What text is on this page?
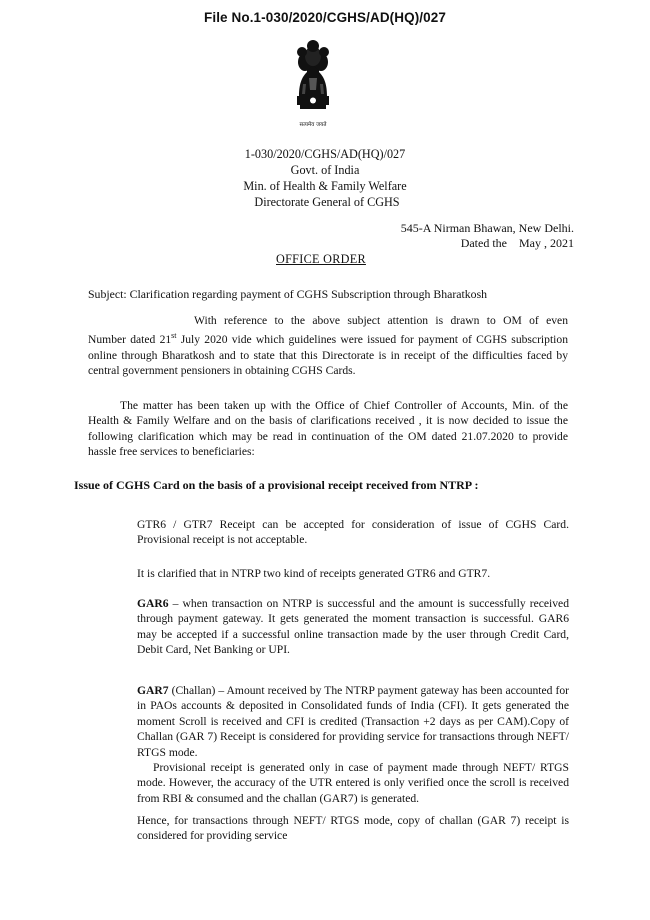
File No.1-030/2020/CGHS/AD(HQ)/027
सत्यमेव जयते
1-030/2020/CGHS/AD(HQ)/027
Govt. of India
Min. of Health & Family Welfare
Directorate General of CGHS
545-A Nirman Bhawan, New Delhi.
Dated the    May , 2021
OFFICE ORDER
Subject: Clarification regarding payment of CGHS Subscription through Bharatkosh
With reference to the above subject attention is drawn to OM of even
Number dated 21st July 2020 vide which guidelines were issued for payment of CGHS subscription online through Bharatkosh and to state that this Directorate is in receipt of the difficulties faced by central government pensioners in obtaining CGHS Cards.
The matter has been taken up with the Office of Chief Controller of Accounts, Min. of the Health & Family Welfare and on the basis of clarifications received , it is now decided to issue the following clarification which may be read in continuation of the OM dated 21.07.2020 to provide hassle free services to beneficiaries:
Issue of CGHS Card on the basis of a provisional receipt received from NTRP :
GTR6 / GTR7 Receipt can be accepted for consideration of issue of CGHS Card. Provisional receipt is not acceptable.
It is clarified that in NTRP two kind of receipts generated GTR6 and GTR7.
GAR6 – when transaction on NTRP is successful and the amount is successfully received through payment gateway. It gets generated the moment transaction is successful. GAR6 may be accepted if a successful online transaction made by the user through Credit Card, Debit Card, Net Banking or UPI.
GAR7 (Challan) – Amount received by The NTRP payment gateway has been accounted for in PAOs accounts & deposited in Consolidated funds of India (CFI). It gets generated the moment Scroll is received and CFI is credited (Transaction +2 days as per CAM).Copy of Challan (GAR 7) Receipt is considered for providing service for transactions through NEFT/ RTGS mode.
Provisional receipt is generated only in case of payment made through NEFT/ RTGS mode. However, the accuracy of the UTR entered is only verified once the scroll is received from RBI & consumed and the challan (GAR7) is generated.
Hence, for transactions through NEFT/ RTGS mode, copy of challan (GAR 7) receipt is considered for providing service
